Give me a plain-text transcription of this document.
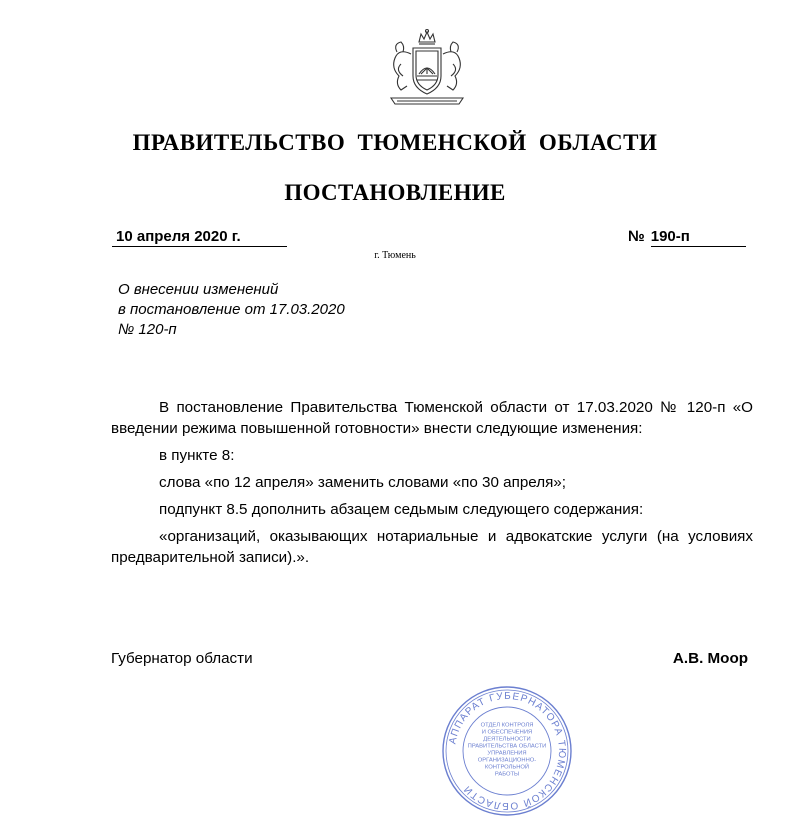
ПРАВИТЕЛЬСТВО ТЮМЕНСКОЙ ОБЛАСТИ
ПОСТАНОВЛЕНИЕ
10 апреля 2020 г.	№ 190-п
г. Тюмень
О внесении изменений
в постановление от 17.03.2020
№ 120-п

В постановление Правительства Тюменской области от 17.03.2020 № 120-п «О введении режима повышенной готовности» внести следующие изменения:

в пункте 8:

слова «по 12 апреля» заменить словами «по 30 апреля»;

подпункт 8.5 дополнить абзацем седьмым следующего содержания:

«организаций, оказывающих нотариальные и адвокатские услуги (на условиях предварительной записи).».

Губернатор области	А.В. Моор
АППАРАТ ГУБЕРНАТОРА ТЮМЕНСКОЙ ОБЛАСТИ
ОТДЕЛ КОНТРОЛЯ
И ОБЕСПЕЧЕНИЯ
ДЕЯТЕЛЬНОСТИ
ПРАВИТЕЛЬСТВА ОБЛАСТИ
УПРАВЛЕНИЯ
ОРГАНИЗАЦИОННО-
КОНТРОЛЬНОЙ
РАБОТЫ
